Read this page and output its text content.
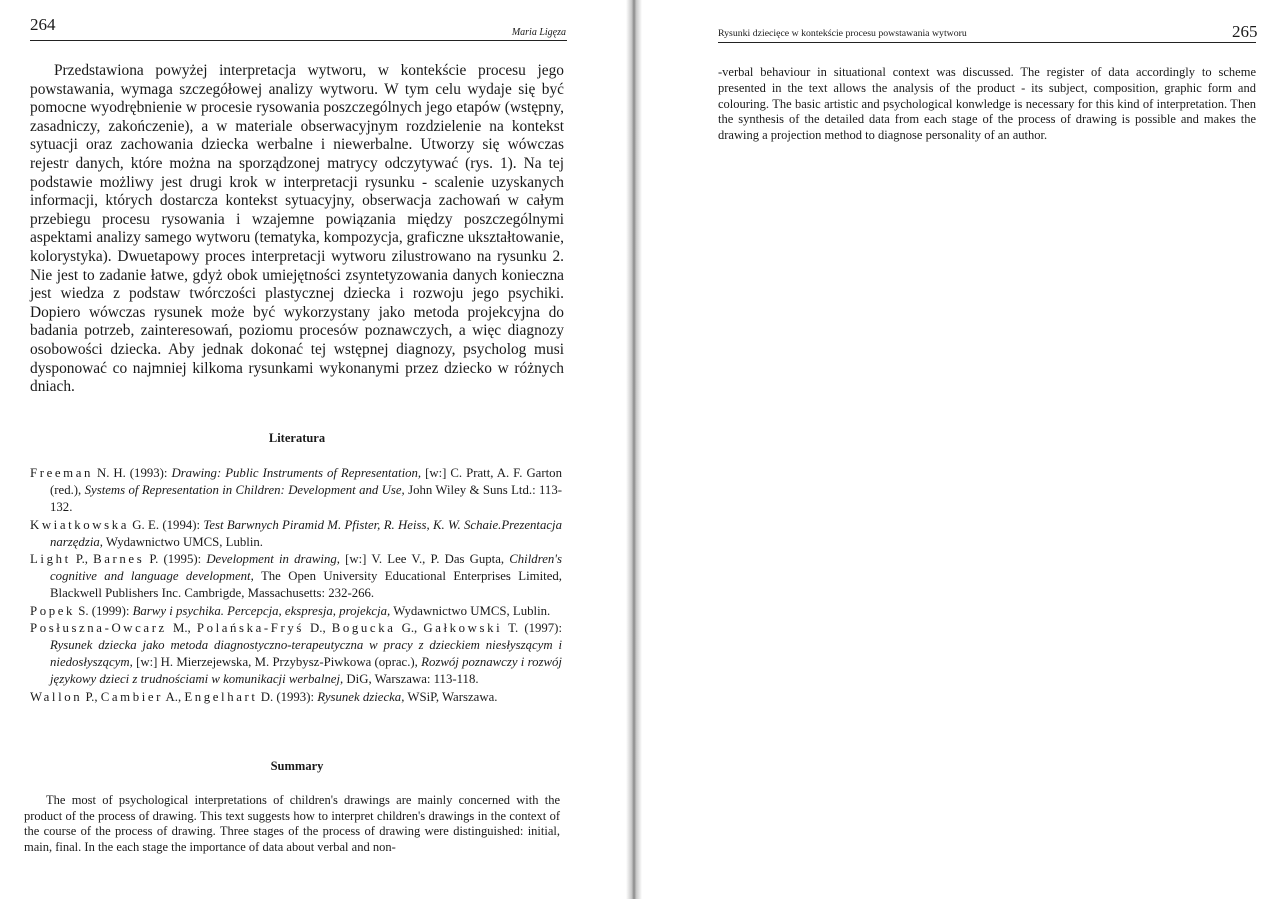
264	Maria Ligęza

Przedstawiona powyżej interpretacja wytworu, w kontekście procesu jego powstawania, wymaga szczegółowej analizy wytworu. W tym celu wydaje się być pomocne wyodrębnienie w procesie rysowania poszczególnych jego etapów (wstępny, zasadniczy, zakończenie), a w materiale obserwacyjnym rozdzielenie na kontekst sytuacji oraz zachowania dziecka werbalne i niewerbalne. Utworzy się wówczas rejestr danych, które można na sporządzonej matrycy odczytywać (rys. 1). Na tej podstawie możliwy jest drugi krok w interpretacji rysunku - scalenie uzyskanych informacji, których dostarcza kontekst sytuacyjny, obserwacja zachowań w całym przebiegu procesu rysowania i wzajemne powiązania między poszczególnymi aspektami analizy samego wytworu (tematyka, kompozycja, graficzne ukształtowanie, kolorystyka). Dwuetapowy proces interpretacji wytworu zilustrowano na rysunku 2. Nie jest to zadanie łatwe, gdyż obok umiejętności zsyntetyzowania danych konieczna jest wiedza z podstaw twórczości plastycznej dziecka i rozwoju jego psychiki. Dopiero wówczas rysunek może być wykorzystany jako metoda projekcyjna do badania potrzeb, zainteresowań, poziomu procesów poznawczych, a więc diagnozy osobowości dziecka. Aby jednak dokonać tej wstępnej diagnozy, psycholog musi dysponować co najmniej kilkoma rysunkami wykonanymi przez dziecko w różnych dniach.

Literatura

Freeman N. H. (1993): Drawing: Public Instruments of Representation, [w:] C. Pratt, A. F. Garton (red.), Systems of Representation in Children: Development and Use, John Wiley & Suns Ltd.: 113-132.

Kwiatkowska G. E. (1994): Test Barwnych Piramid M. Pfister, R. Heiss, K. W. Schaie.Prezentacja narzędzia, Wydawnictwo UMCS, Lublin.

Light P., Barnes P. (1995): Development in drawing, [w:] V. Lee V., P. Das Gupta, Children's cognitive and language development, The Open University Educational Enterprises Limited, Blackwell Publishers Inc. Cambrigde, Massachusetts: 232-266.

Popek S. (1999): Barwy i psychika. Percepcja, ekspresja, projekcja, Wydawnictwo UMCS, Lublin.

Posłuszna-Owcarz M., Polańska-Fryś D., Bogucka G., Gałkowski T. (1997): Rysunek dziecka jako metoda diagnostyczno-terapeutyczna w pracy z dzieckiem niesłyszącym i niedosłyszącym, [w:] H. Mierzejewska, M. Przybysz-Piwkowa (oprac.), Rozwój poznawczy i rozwój językowy dzieci z trudnościami w komunikacji werbalnej, DiG, Warszawa: 113-118.

Wallon P., Cambier A., Engelhart D. (1993): Rysunek dziecka, WSiP, Warszawa.

Summary

The most of psychological interpretations of children's drawings are mainly concerned with the product of the process of drawing. This text suggests how to interpret children's drawings in the context of the course of the process of drawing. Three stages of the process of drawing were distinguished: initial, main, final. In the each stage the importance of data about verbal and non-

Rysunki dziecięce w kontekście procesu powstawania wytworu	265

-verbal behaviour in situational context was discussed. The register of data accordingly to scheme presented in the text allows the analysis of the product - its subject, composition, graphic form and colouring. The basic artistic and psychological konwledge is necessary for this kind of interpretation. Then the synthesis of the detailed data from each stage of the process of drawing is possible and makes the drawing a projection method to diagnose personality of an author.
